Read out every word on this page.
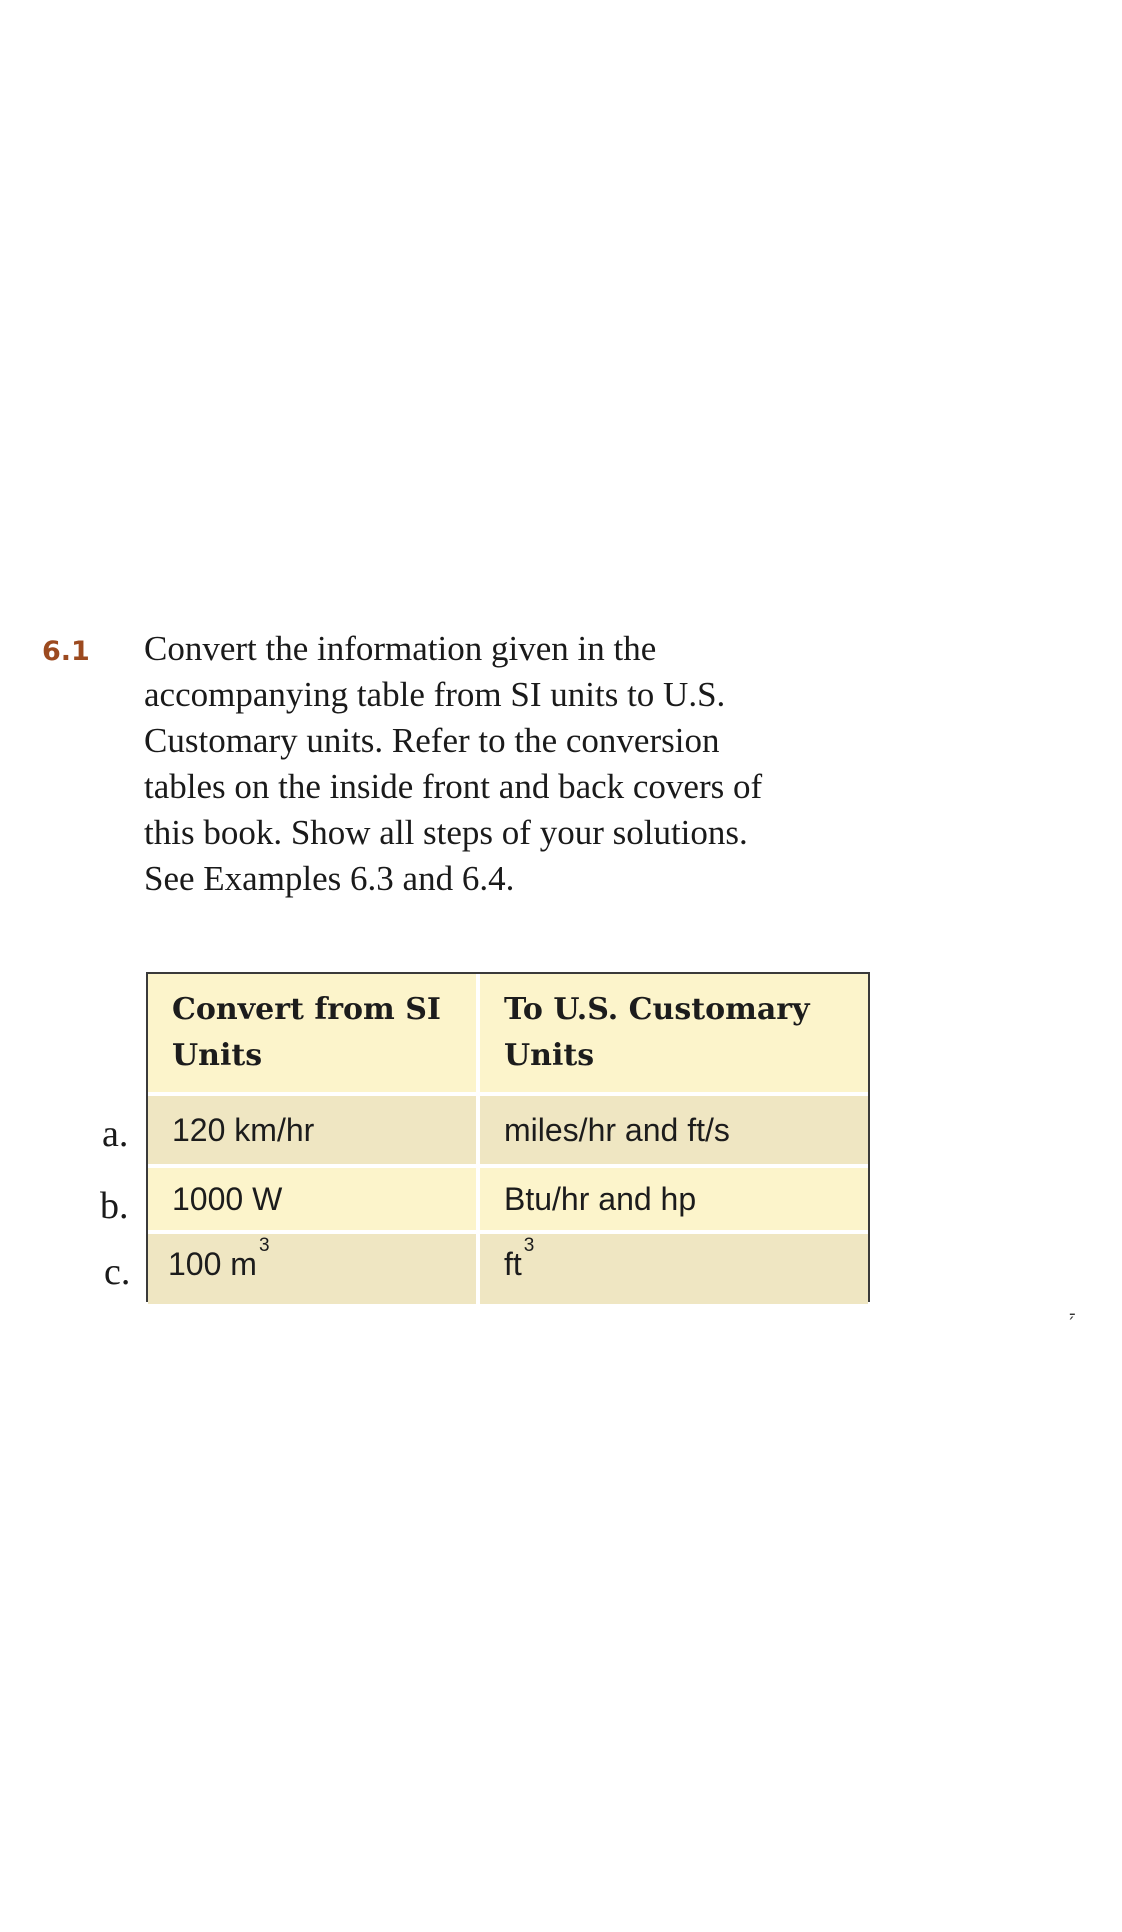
6.1 Convert the information given in the
accompanying table from SI units to U.S.
Customary units. Refer to the conversion
tables on the inside front and back covers of
this book. Show all steps of your solutions.
See Examples 6.3 and 6.4.
Convert from SI
Units
To U.S. Customary
Units
120 km/hr	miles/hr and ft/s
1000 W	Btu/hr and hp
100 m
3
ft
3
a.
b.
c.
ـ ̗
